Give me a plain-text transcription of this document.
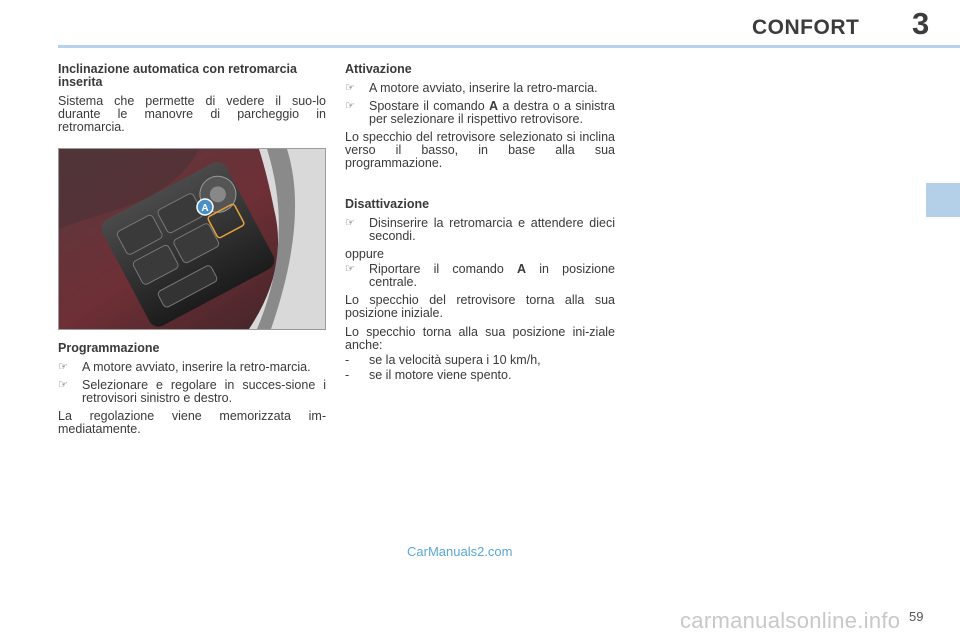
CONFORT 3
Inclinazione automatica con retromarcia inserita
Sistema che permette di vedere il suo-lo durante le manovre di parcheggio in retromarcia.
A
Programmazione
☞	A motore avviato, inserire la retro-marcia.
☞	Selezionare e regolare in succes-sione i retrovisori sinistro e destro.
La regolazione viene memorizzata im-mediatamente.
Attivazione
☞	A motore avviato, inserire la retro-marcia.
☞	Spostare il comando A a destra o a sinistra per selezionare il rispettivo retrovisore.
Lo specchio del retrovisore selezionato si inclina verso il basso, in base alla sua programmazione.
Disattivazione
☞	Disinserire la retromarcia e attendere dieci secondi.
oppure
☞	Riportare il comando A in posizione centrale.
Lo specchio del retrovisore torna alla sua posizione iniziale.
Lo specchio torna alla sua posizione ini-ziale anche:
-	se la velocità supera i 10 km/h,
-	se il motore viene spento.
CarManuals2.com
carmanualsonline.info 59
